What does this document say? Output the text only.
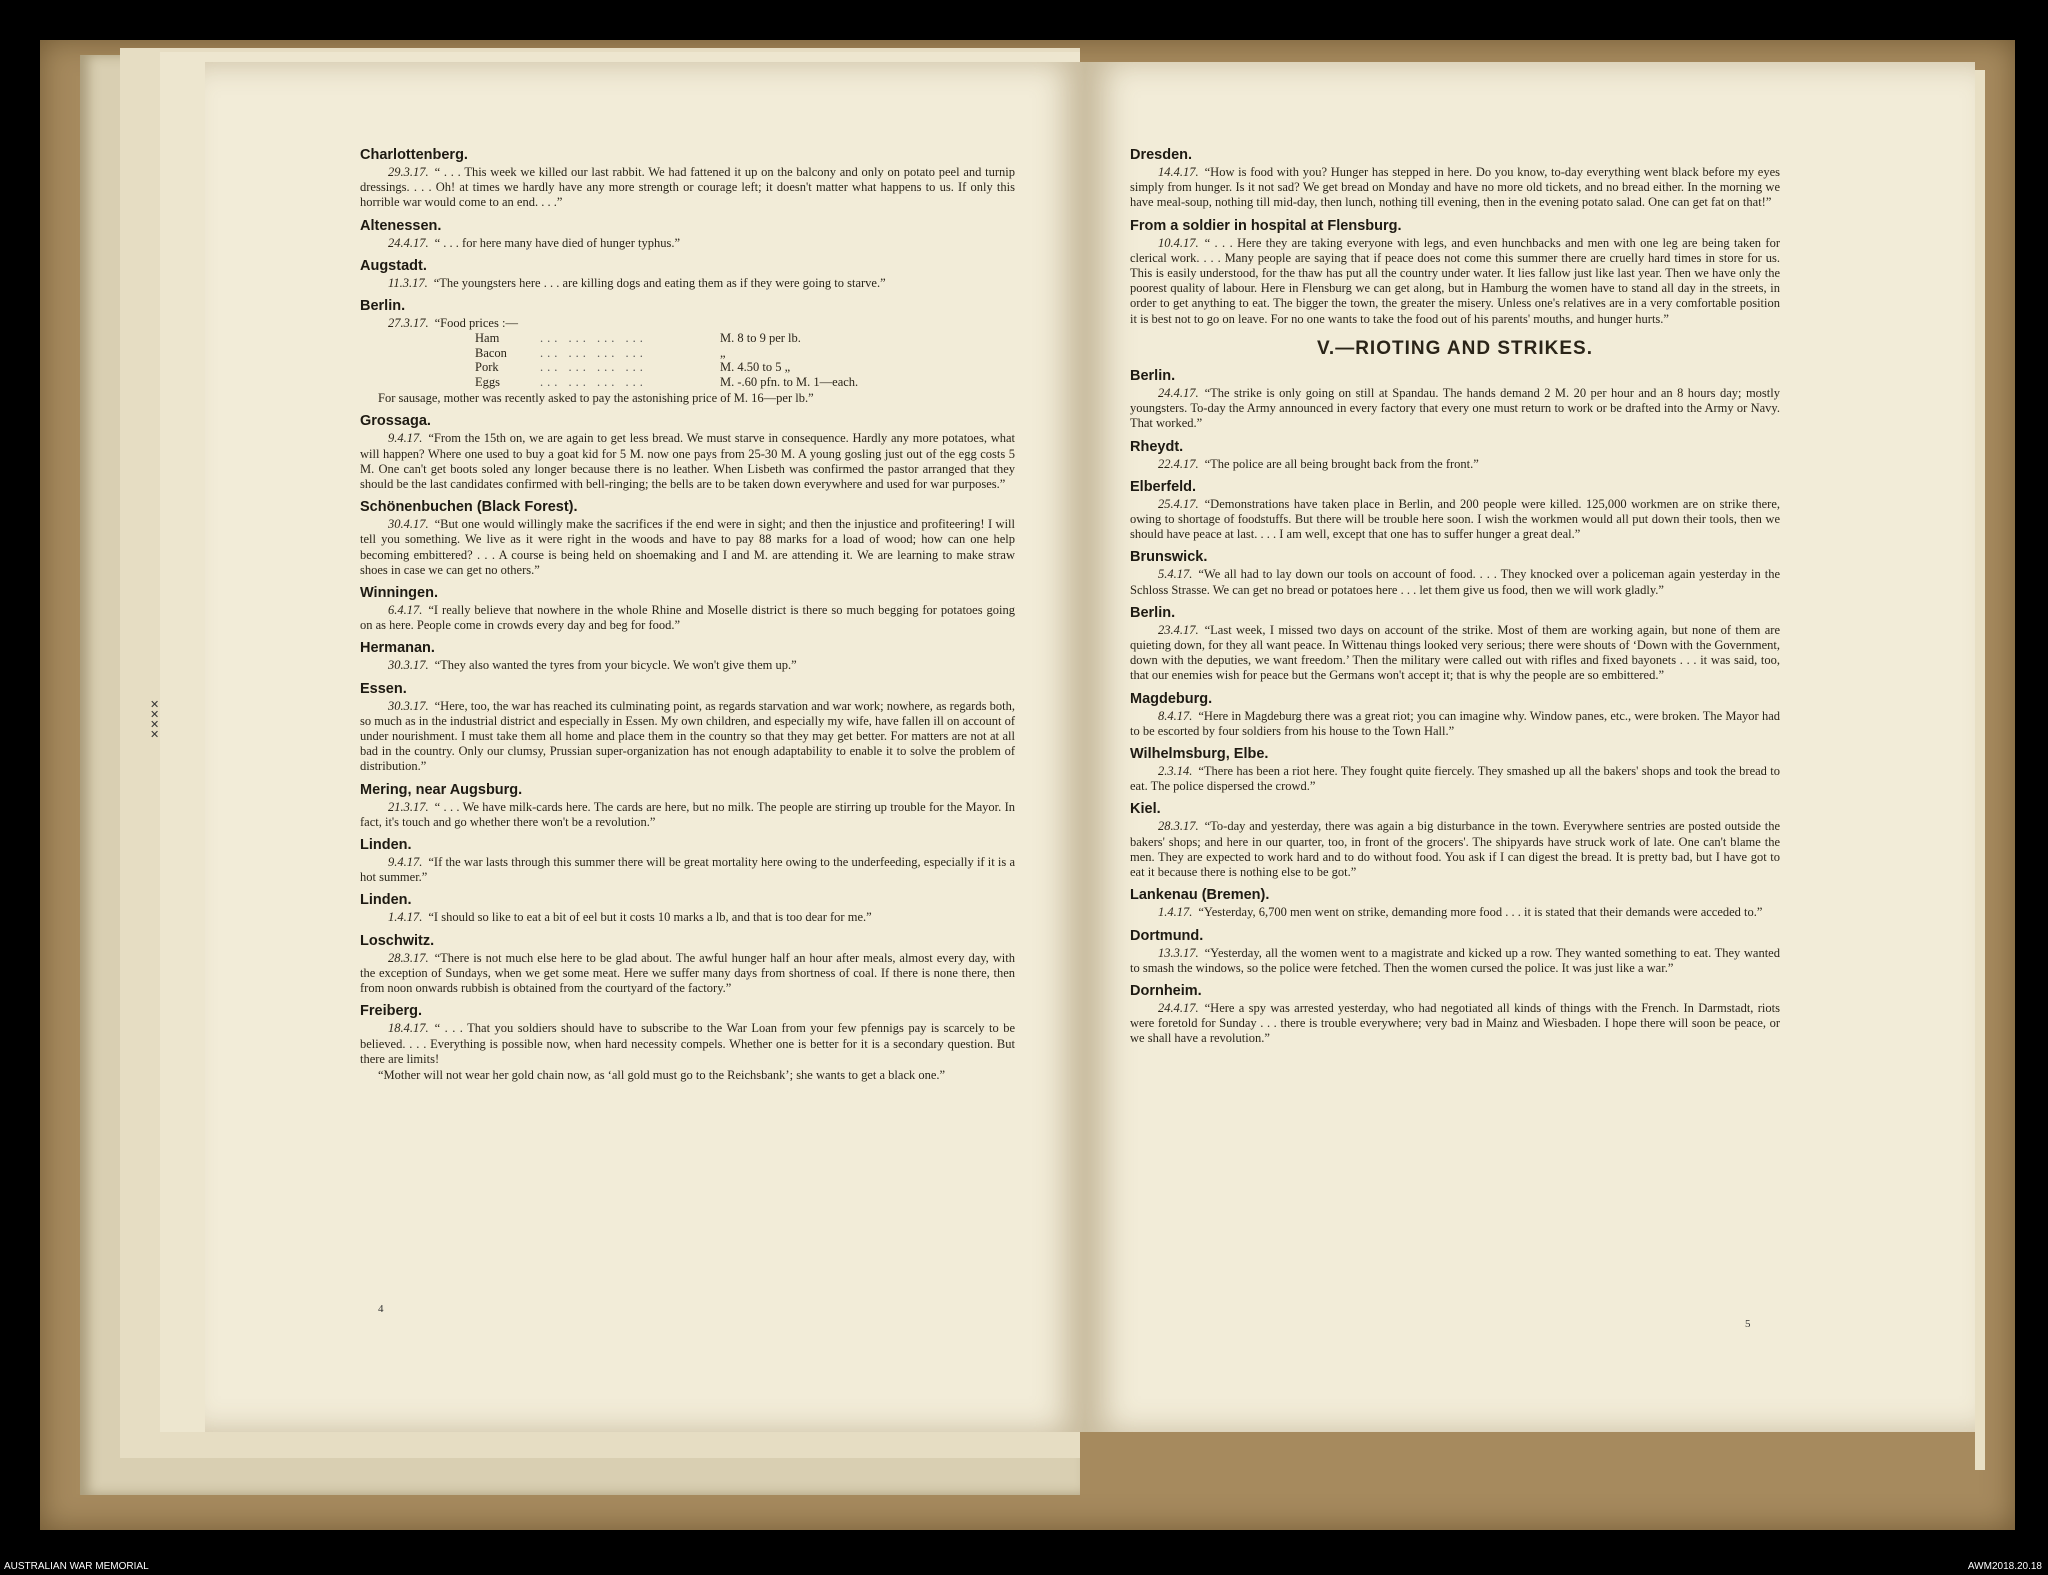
✕
✕
✕
✕
Charlottenberg.
29.3.17. “ . . . This week we killed our last rabbit. We had fattened it up on the balcony and only on potato peel and turnip dressings. . . . Oh! at times we hardly have any more strength or courage left; it doesn't matter what happens to us. If only this horrible war would come to an end. . . .”
Altenessen.
24.4.17. “ . . . for here many have died of hunger typhus.”
Augstadt.
11.3.17. “The youngsters here . . . are killing dogs and eating them as if they were going to starve.”
Berlin.
27.3.17. “Food prices :—
Ham	... ... ... ...	M. 8 to 9 per lb.
Bacon	... ... ... ...	„
Pork	... ... ... ...	M. 4.50 to 5 „
Eggs	... ... ... ...	M. -.60 pfn. to M. 1—each.
For sausage, mother was recently asked to pay the astonishing price of M. 16—per lb.”
Grossaga.
9.4.17. “From the 15th on, we are again to get less bread. We must starve in consequence. Hardly any more potatoes, what will happen? Where one used to buy a goat kid for 5 M. now one pays from 25-30 M. A young gosling just out of the egg costs 5 M. One can't get boots soled any longer because there is no leather. When Lisbeth was confirmed the pastor arranged that they should be the last candidates confirmed with bell-ringing; the bells are to be taken down everywhere and used for war purposes.”
Schönenbuchen (Black Forest).
30.4.17. “But one would willingly make the sacrifices if the end were in sight; and then the injustice and profiteering! I will tell you something. We live as it were right in the woods and have to pay 88 marks for a load of wood; how can one help becoming embittered? . . . A course is being held on shoemaking and I and M. are attending it. We are learning to make straw shoes in case we can get no others.”
Winningen.
6.4.17. “I really believe that nowhere in the whole Rhine and Moselle district is there so much begging for potatoes going on as here. People come in crowds every day and beg for food.”
Hermanan.
30.3.17. “They also wanted the tyres from your bicycle. We won't give them up.”
Essen.
30.3.17. “Here, too, the war has reached its culminating point, as regards starvation and war work; nowhere, as regards both, so much as in the industrial district and especially in Essen. My own children, and especially my wife, have fallen ill on account of under nourishment. I must take them all home and place them in the country so that they may get better. For matters are not at all bad in the country. Only our clumsy, Prussian super-organization has not enough adaptability to enable it to solve the problem of distribution.”
Mering, near Augsburg.
21.3.17. “ . . . We have milk-cards here. The cards are here, but no milk. The people are stirring up trouble for the Mayor. In fact, it's touch and go whether there won't be a revolution.”
Linden.
9.4.17. “If the war lasts through this summer there will be great mortality here owing to the underfeeding, especially if it is a hot summer.”
Linden.
1.4.17. “I should so like to eat a bit of eel but it costs 10 marks a lb, and that is too dear for me.”
Loschwitz.
28.3.17. “There is not much else here to be glad about. The awful hunger half an hour after meals, almost every day, with the exception of Sundays, when we get some meat. Here we suffer many days from shortness of coal. If there is none there, then from noon onwards rubbish is obtained from the courtyard of the factory.”
Freiberg.
18.4.17. “ . . . That you soldiers should have to subscribe to the War Loan from your few pfennigs pay is scarcely to be believed. . . . Everything is possible now, when hard necessity compels. Whether one is better for it is a secondary question. But there are limits!
“Mother will not wear her gold chain now, as ‘all gold must go to the Reichsbank’; she wants to get a black one.”
4
Dresden.
14.4.17. “How is food with you? Hunger has stepped in here. Do you know, to-day everything went black before my eyes simply from hunger. Is it not sad? We get bread on Monday and have no more old tickets, and no bread either. In the morning we have meal-soup, nothing till mid-day, then lunch, nothing till evening, then in the evening potato salad. One can get fat on that!”
From a soldier in hospital at Flensburg.
10.4.17. “ . . . Here they are taking everyone with legs, and even hunchbacks and men with one leg are being taken for clerical work. . . . Many people are saying that if peace does not come this summer there are cruelly hard times in store for us. This is easily understood, for the thaw has put all the country under water. It lies fallow just like last year. Then we have only the poorest quality of labour. Here in Flensburg we can get along, but in Hamburg the women have to stand all day in the streets, in order to get anything to eat. The bigger the town, the greater the misery. Unless one's relatives are in a very comfortable position it is best not to go on leave. For no one wants to take the food out of his parents' mouths, and hunger hurts.”
V.—RIOTING AND STRIKES.
Berlin.
24.4.17. “The strike is only going on still at Spandau. The hands demand 2 M. 20 per hour and an 8 hours day; mostly youngsters. To-day the Army announced in every factory that every one must return to work or be drafted into the Army or Navy. That worked.”
Rheydt.
22.4.17. “The police are all being brought back from the front.”
Elberfeld.
25.4.17. “Demonstrations have taken place in Berlin, and 200 people were killed. 125,000 workmen are on strike there, owing to shortage of foodstuffs. But there will be trouble here soon. I wish the workmen would all put down their tools, then we should have peace at last. . . . I am well, except that one has to suffer hunger a great deal.”
Brunswick.
5.4.17. “We all had to lay down our tools on account of food. . . . They knocked over a policeman again yesterday in the Schloss Strasse. We can get no bread or potatoes here . . . let them give us food, then we will work gladly.”
Berlin.
23.4.17. “Last week, I missed two days on account of the strike. Most of them are working again, but none of them are quieting down, for they all want peace. In Wittenau things looked very serious; there were shouts of ‘Down with the Government, down with the deputies, we want freedom.’ Then the military were called out with rifles and fixed bayonets . . . it was said, too, that our enemies wish for peace but the Germans won't accept it; that is why the people are so embittered.”
Magdeburg.
8.4.17. “Here in Magdeburg there was a great riot; you can imagine why. Window panes, etc., were broken. The Mayor had to be escorted by four soldiers from his house to the Town Hall.”
Wilhelmsburg, Elbe.
2.3.14. “There has been a riot here. They fought quite fiercely. They smashed up all the bakers' shops and took the bread to eat. The police dispersed the crowd.”
Kiel.
28.3.17. “To-day and yesterday, there was again a big disturbance in the town. Everywhere sentries are posted outside the bakers' shops; and here in our quarter, too, in front of the grocers'. The shipyards have struck work of late. One can't blame the men. They are expected to work hard and to do without food. You ask if I can digest the bread. It is pretty bad, but I have got to eat it because there is nothing else to be got.”
Lankenau (Bremen).
1.4.17. “Yesterday, 6,700 men went on strike, demanding more food . . . it is stated that their demands were acceded to.”
Dortmund.
13.3.17. “Yesterday, all the women went to a magistrate and kicked up a row. They wanted something to eat. They wanted to smash the windows, so the police were fetched. Then the women cursed the police. It was just like a war.”
Dornheim.
24.4.17. “Here a spy was arrested yesterday, who had negotiated all kinds of things with the French. In Darmstadt, riots were foretold for Sunday . . . there is trouble everywhere; very bad in Mainz and Wiesbaden. I hope there will soon be peace, or we shall have a revolution.”
5
AUSTRALIAN WAR MEMORIAL	AWM2018.20.18
